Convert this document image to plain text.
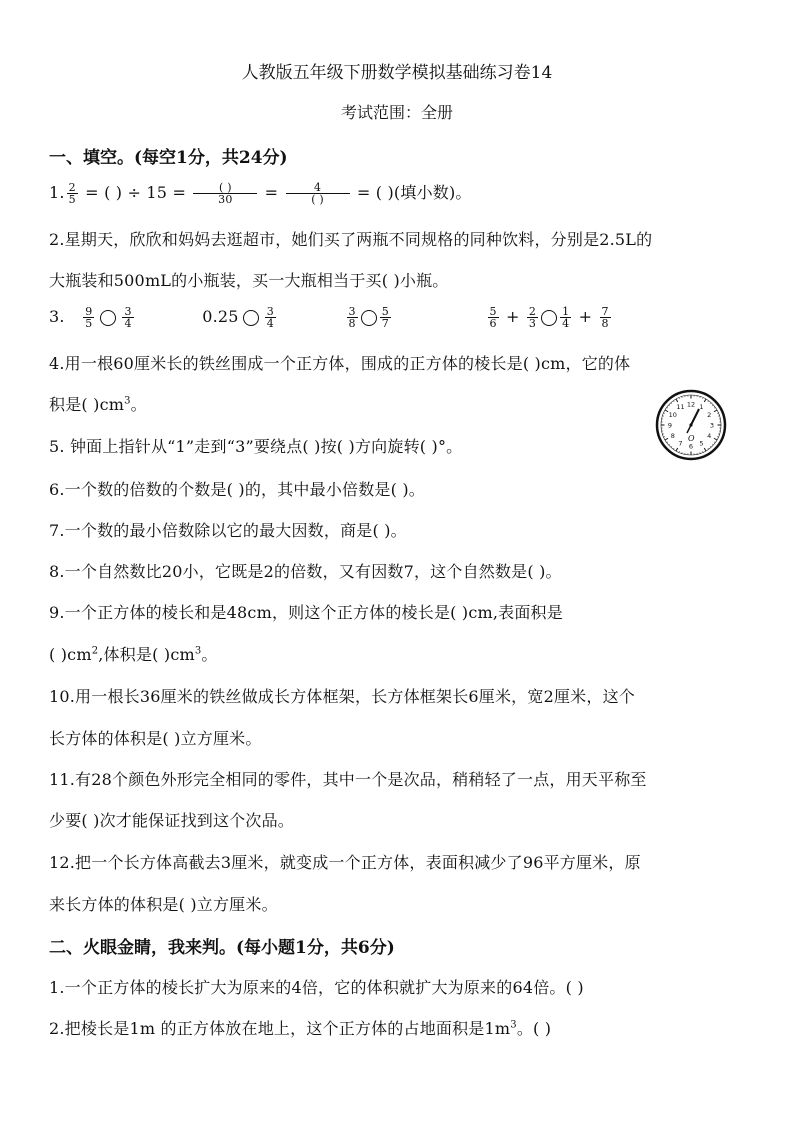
人教版五年级下册数学模拟基础练习卷14
考试范围：全册
一、填空。(每空1分，共24分)
1. $\frac{2}{5}$ = ( ) ÷ $15 = \frac{( )}{30} = \frac{4}{( )}$ = ( )(填小数)。
2.星期天，欣欣和妈妈去逛超市，她们买了两瓶不同规格的同种饮料，分别是2.5L的
大瓶装和500mL的小瓶装，买一大瓶相当于买( )小瓶。
3. $\frac{9}{5}$	$\frac{3}{4}$	$0.25 \frac{3}{4}$
	$\frac{3}{8} \frac{5}{7}$
	$\frac{5}{6} + \frac{2}{3} \frac{1}{4} + \frac{7}{8}$
4.用一根60厘米长的铁丝围成一个正方体，围成的正方体的棱长是( )cm，它的体
积是( )$cm^3$。
5. 钟面上指针从“1”走到“3”要绕点( )按( )方向旋转( )°。
12 1
2
3
4
5
6
7
8
9
10
11
O
6.一个数的倍数的个数是( )的，其中最小倍数是( )。
7.一个数的最小倍数除以它的最大因数，商是( )。
8.一个自然数比20小，它既是2的倍数，又有因数7，这个自然数是( )。
9.一个正方体的棱长和是48cm，则这个正方体的棱长是( )cm,表面积是
( )$cm^2$,体积是( )$cm^3$。
10.用一根长36厘米的铁丝做成长方体框架，长方体框架长6厘米，宽2厘米，这个
长方体的体积是( )立方厘米。
11.有28个颜色外形完全相同的零件，其中一个是次品，稍稍轻了一点，用天平称至
少要( )次才能保证找到这个次品。
12.把一个长方体高截去3厘米，就变成一个正方体，表面积减少了96平方厘米，原
来长方体的体积是( )立方厘米。
二、火眼金睛，我来判。(每小题1分，共6分)
1.一个正方体的棱长扩大为原来的4倍，它的体积就扩大为原来的64倍。( )
2.把棱长是1m 的正方体放在地上，这个正方体的占地面积是$1m^3$。( )
